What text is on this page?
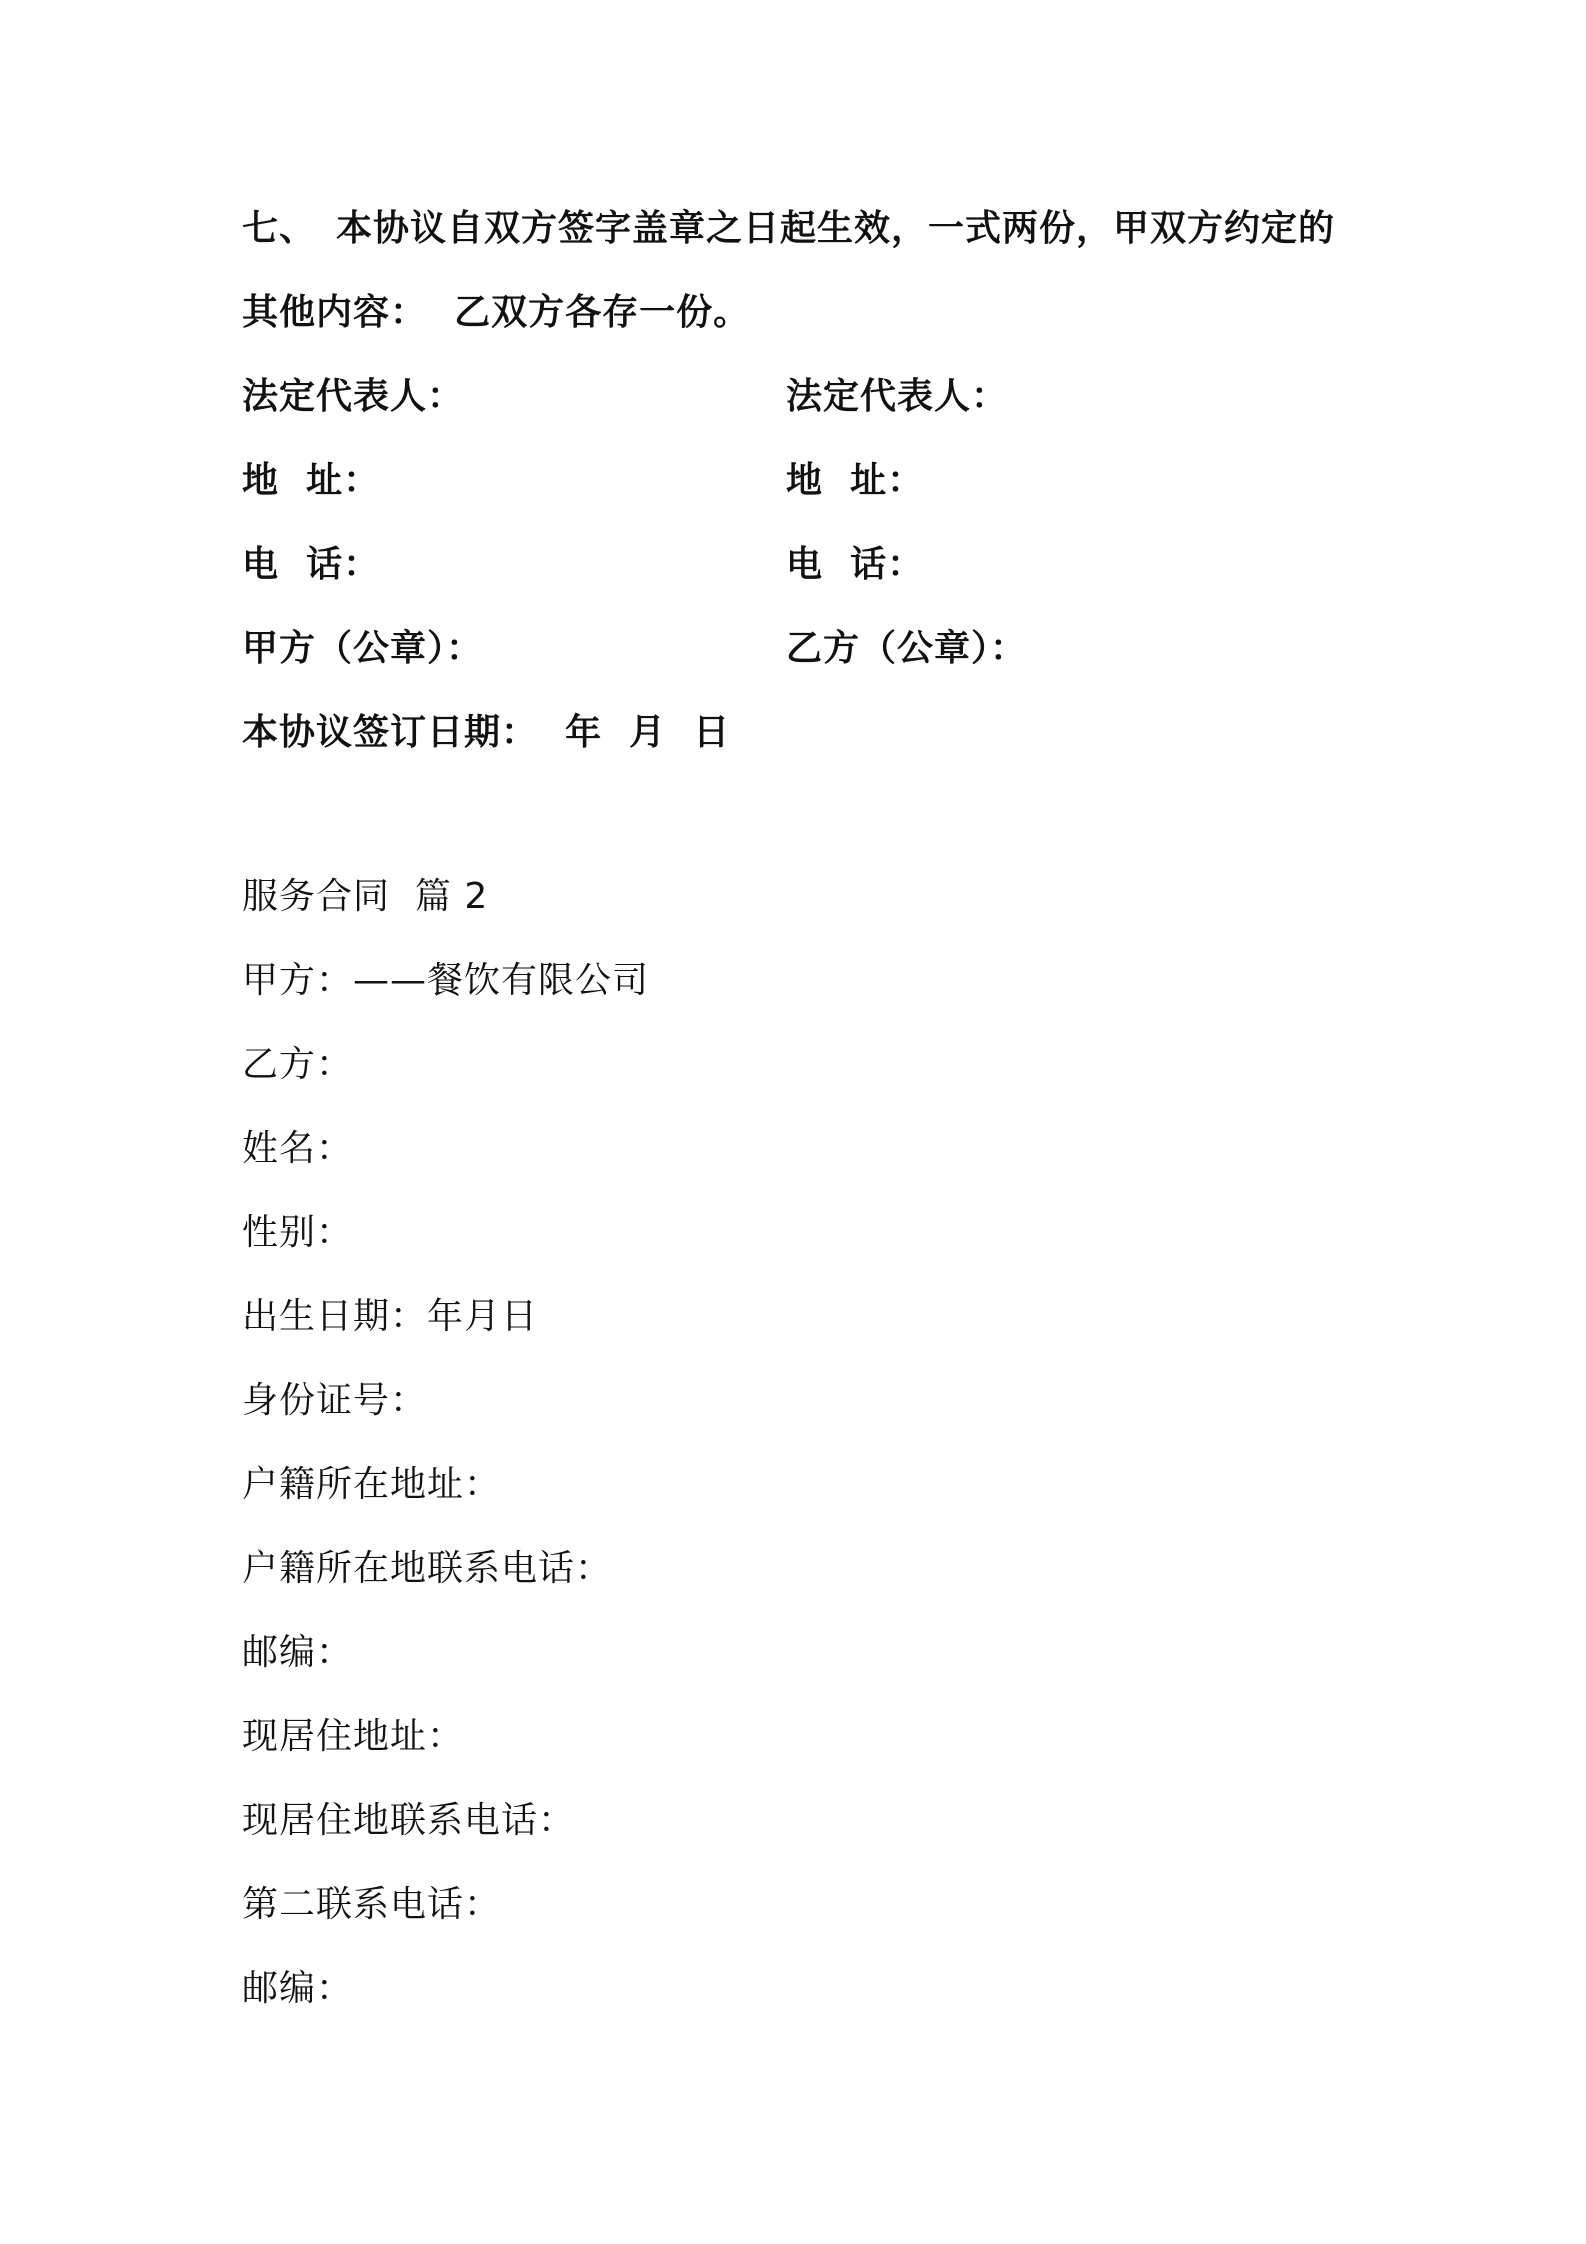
七、 本协议自双方签字盖章之日起生效，一式两份，甲双方约定的
其他内容：  乙双方各存一份。
法定代表人：
地  址：
电  话：
甲方（公章）：
法定代表人：
地  址：
电  话：
乙方（公章）：
本协议签订日期：  年  月  日
服务合同  篇 2
甲方：——餐饮有限公司
乙方：
姓名：
性别：
出生日期：年月日
身份证号：
户籍所在地址：
户籍所在地联系电话：
邮编：
现居住地址：
现居住地联系电话：
第二联系电话：
邮编：
